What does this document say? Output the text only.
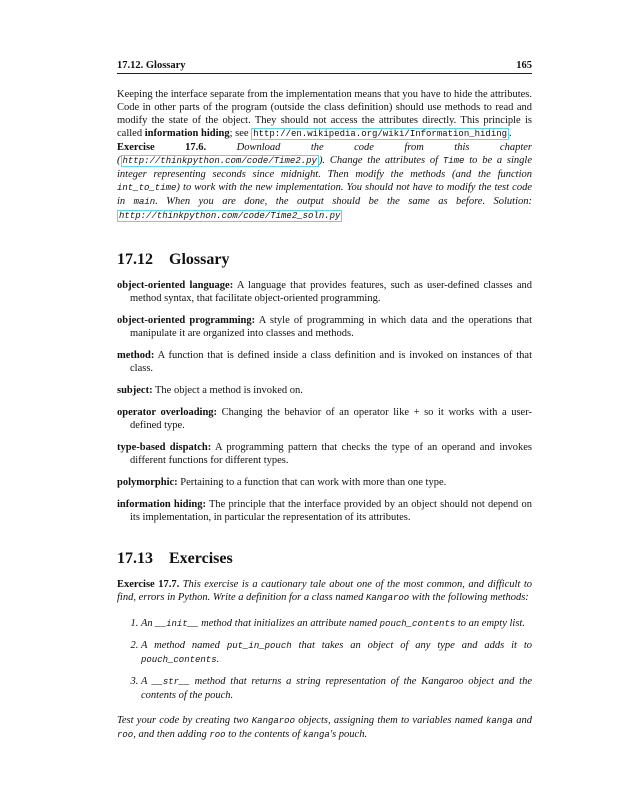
17.12. Glossary	165

Keeping the interface separate from the implementation means that you have to hide the attributes. Code in other parts of the program (outside the class definition) should use methods to read and modify the state of the object. They should not access the attributes directly. This principle is called information hiding; see http://en.wikipedia.org/wiki/Information_hiding .

Exercise 17.6. Download the code from this chapter ( http://thinkpython.com/code/Time2.py ). Change the attributes of Time to be a single integer representing seconds since midnight. Then modify the methods (and the function int_to_time) to work with the new implementation. You should not have to modify the test code in main. When you are done, the output should be the same as before. Solution: http://thinkpython.com/code/Time2_soln.py

17.12 Glossary
object-oriented language: A language that provides features, such as user-defined classes and method syntax, that facilitate object-oriented programming.
object-oriented programming: A style of programming in which data and the operations that manipulate it are organized into classes and methods.
method: A function that is defined inside a class definition and is invoked on instances of that class.
subject: The object a method is invoked on.
operator overloading: Changing the behavior of an operator like + so it works with a user-defined type.
type-based dispatch: A programming pattern that checks the type of an operand and invokes different functions for different types.
polymorphic: Pertaining to a function that can work with more than one type.
information hiding: The principle that the interface provided by an object should not depend on its implementation, in particular the representation of its attributes.
17.13 Exercises

Exercise 17.7. This exercise is a cautionary tale about one of the most common, and difficult to find, errors in Python. Write a definition for a class named Kangaroo with the following methods:

1. An __init__ method that initializes an attribute named pouch_contents to an empty list.
2. A method named put_in_pouch that takes an object of any type and adds it to pouch_contents.
3. A __str__ method that returns a string representation of the Kangaroo object and the contents of the pouch.

Test your code by creating two Kangaroo objects, assigning them to variables named kanga and roo, and then adding roo to the contents of kanga's pouch.
